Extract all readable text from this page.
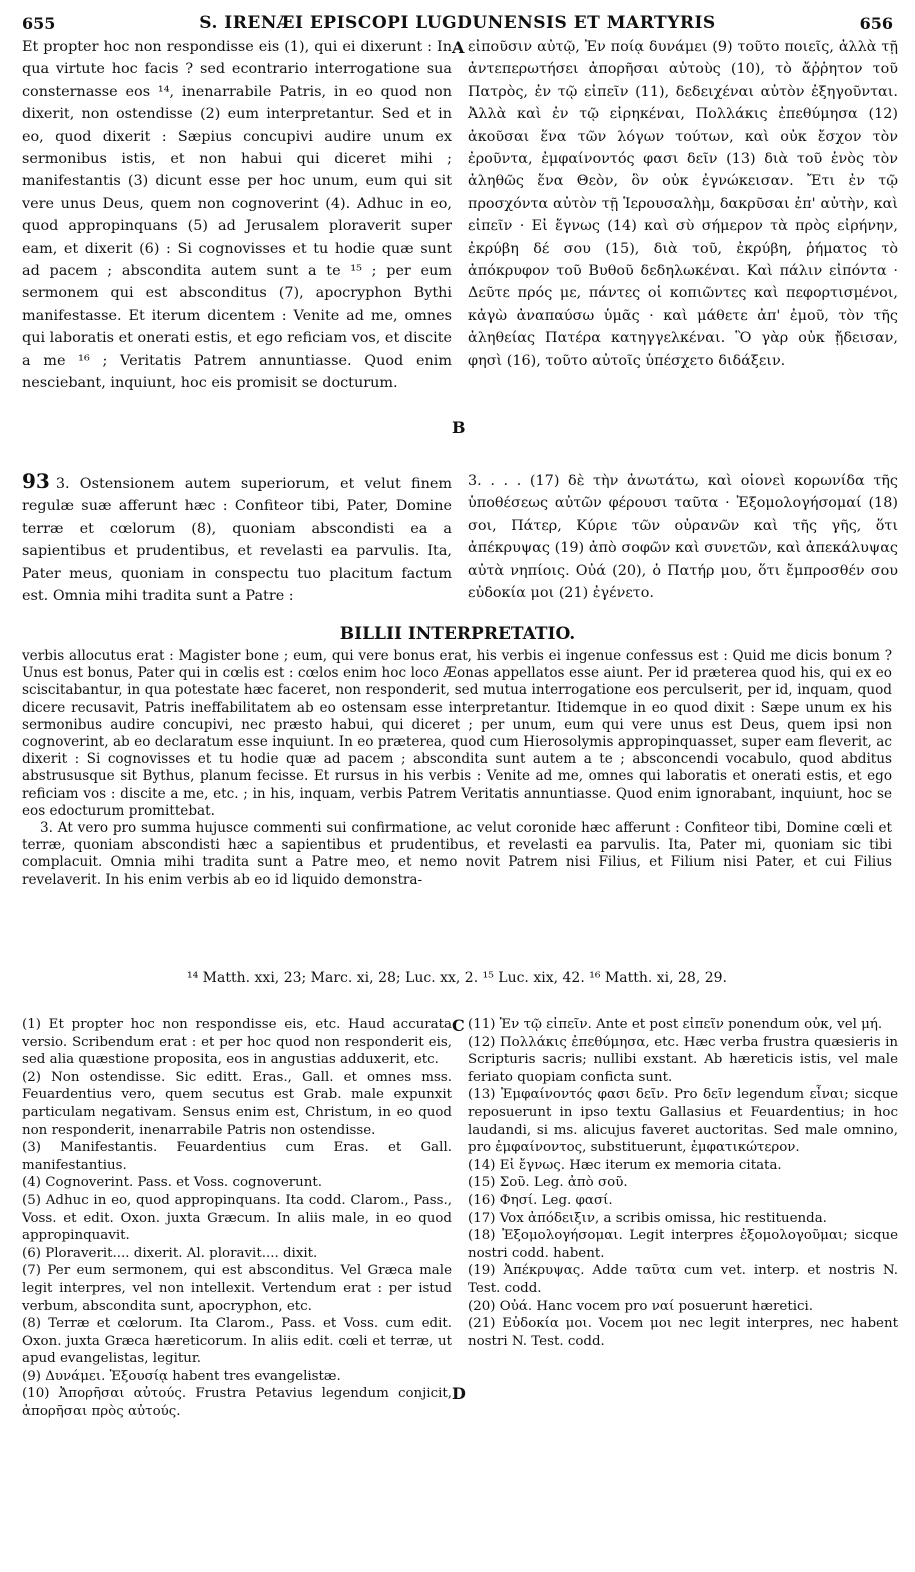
655	S. IRENÆI EPISCOPI LUGDUNENSIS ET MARTYRIS	656

Et propter hoc non respondisse eis (1), qui ei dixerunt : In qua virtute hoc facis ? sed econtrario interrogatione sua consternasse eos ¹⁴, inenarrabile Patris, in eo quod non dixerit, non ostendisse (2) eum interpretantur. Sed et in eo, quod dixerit : Sæpius concupivi audire unum ex sermonibus istis, et non habui qui diceret mihi ; manifestantis (3) dicunt esse per hoc unum, eum qui sit vere unus Deus, quem non cognoverint (4). Adhuc in eo, quod appropinquans (5) ad Jerusalem ploraverit super eam, et dixerit (6) : Si cognovisses et tu hodie quæ sunt ad pacem ; abscondita autem sunt a te ¹⁵ ; per eum sermonem qui est absconditus (7), apocryphon Bythi manifestasse. Et iterum dicentem : Venite ad me, omnes qui laboratis et onerati estis, et ego reficiam vos, et discite a me ¹⁶ ; Veritatis Patrem annuntiasse. Quod enim nesciebant, inquiunt, hoc eis promisit se docturum.

A εἰποῦσιν αὐτῷ, Ἐν ποίᾳ δυνάμει (9) τοῦτο ποιεῖς, ἀλλὰ τῇ ἀντεπερωτήσει ἀπορῆσαι αὐτοὺς (10), τὸ ἄῤῥητον τοῦ Πατρὸς, ἐν τῷ εἰπεῖν (11), δεδειχέναι αὐτὸν ἐξηγοῦνται. Ἀλλὰ καὶ ἐν τῷ εἰρηκέναι, Πολλάκις ἐπεθύμησα (12) ἀκοῦσαι ἕνα τῶν λόγων τούτων, καὶ οὐκ ἔσχον τὸν ἐροῦντα, ἐμφαίνοντός φασι δεῖν (13) διὰ τοῦ ἑνὸς τὸν ἀληθῶς ἕνα Θεὸν, ὃν οὐκ ἐγνώκεισαν. Ἔτι ἐν τῷ προσχόντα αὐτὸν τῇ Ἱερουσαλὴμ, δακρῦσαι ἐπ' αὐτὴν, καὶ εἰπεῖν · Εἰ ἔγνως (14) καὶ σὺ σήμερον τὰ πρὸς εἰρήνην, ἐκρύβη δέ σου (15), διὰ τοῦ, ἐκρύβη, ῥήματος τὸ ἀπόκρυφον τοῦ Βυθοῦ δεδηλωκέναι. Καὶ πάλιν εἰπόντα · Δεῦτε πρός με, πάντες οἱ κοπιῶντες καὶ πεφορτισμένοι, κἀγὼ ἀναπαύσω ὑμᾶς · καὶ μάθετε ἀπ' ἐμοῦ, τὸν τῆς ἀληθείας Πατέρα κατηγγελκέναι. Ὃ γὰρ οὐκ ᾔδεισαν, φησὶ (16), τοῦτο αὐτοῖς ὑπέσχετο διδάξειν.

B

93 3. Ostensionem autem superiorum, et velut finem regulæ suæ afferunt hæc : Confiteor tibi, Pater, Domine terræ et cœlorum (8), quoniam abscondisti ea a sapientibus et prudentibus, et revelasti ea parvulis. Ita, Pater meus, quoniam in conspectu tuo placitum factum est. Omnia mihi tradita sunt a Patre :

3. . . . (17) δὲ τὴν ἀνωτάτω, καὶ οἱονεὶ κορωνίδα τῆς ὑποθέσεως αὐτῶν φέρουσι ταῦτα · Ἐξομολογήσομαί (18) σοι, Πάτερ, Κύριε τῶν οὐρανῶν καὶ τῆς γῆς, ὅτι ἀπέκρυψας (19) ἀπὸ σοφῶν καὶ συνετῶν, καὶ ἀπεκάλυψας αὐτὰ νηπίοις. Οὐά (20), ὁ Πατήρ μου, ὅτι ἔμπροσθέν σου εὐδοκία μοι (21) ἐγένετο.

BILLII INTERPRETATIO.

verbis allocutus erat : Magister bone ; eum, qui vere bonus erat, his verbis ei ingenue confessus est : Quid me dicis bonum ? Unus est bonus, Pater qui in cœlis est : cœlos enim hoc loco Æonas appellatos esse aiunt. Per id præterea quod his, qui ex eo sciscitabantur, in qua potestate hæc faceret, non responderit, sed mutua interrogatione eos perculserit, per id, inquam, quod dicere recusavit, Patris ineffabilitatem ab eo ostensam esse interpretantur. Itidemque in eo quod dixit : Sæpe unum ex his sermonibus audire concupivi, nec præsto habui, qui diceret ; per unum, eum qui vere unus est Deus, quem ipsi non cognoverint, ab eo declaratum esse inquiunt. In eo præterea, quod cum Hierosolymis appropinquasset, super eam fleverit, ac dixerit : Si cognovisses et tu hodie quæ ad pacem ; abscondita sunt autem a te ; absconcendi vocabulo, quod abditus abstrususque sit Bythus, planum fecisse. Et rursus in his verbis : Venite ad me, omnes qui laboratis et onerati estis, et ego reficiam vos : discite a me, etc. ; in his, inquam, verbis Patrem Veritatis annuntiasse. Quod enim ignorabant, inquiunt, hoc se eos edocturum promittebat.

3. At vero pro summa hujusce commenti sui confirmatione, ac velut coronide hæc afferunt : Confiteor tibi, Domine cœli et terræ, quoniam abscondisti hæc a sapientibus et prudentibus, et revelasti ea parvulis. Ita, Pater mi, quoniam sic tibi complacuit. Omnia mihi tradita sunt a Patre meo, et nemo novit Patrem nisi Filius, et Filium nisi Pater, et cui Filius revelaverit. In his enim verbis ab eo id liquido demonstra-

¹⁴ Matth. xxi, 23; Marc. xi, 28; Luc. xx, 2. ¹⁵ Luc. xix, 42. ¹⁶ Matth. xi, 28, 29.
C
D

(1) Et propter hoc non respondisse eis, etc. Haud accurata versio. Scribendum erat : et per hoc quod non responderit eis, sed alia quæstione proposita, eos in angustias adduxerit, etc.

(2) Non ostendisse. Sic editt. Eras., Gall. et omnes mss. Feuardentius vero, quem secutus est Grab. male expunxit particulam negativam. Sensus enim est, Christum, in eo quod non responderit, inenarrabile Patris non ostendisse.

(3) Manifestantis. Feuardentius cum Eras. et Gall. manifestantius.

(4) Cognoverint. Pass. et Voss. cognoverunt.

(5) Adhuc in eo, quod appropinquans. Ita codd. Clarom., Pass., Voss. et edit. Oxon. juxta Græcum. In aliis male, in eo quod appropinquavit.

(6) Ploraverit.... dixerit. Al. ploravit.... dixit.

(7) Per eum sermonem, qui est absconditus. Vel Græca male legit interpres, vel non intellexit. Vertendum erat : per istud verbum, abscondita sunt, apocryphon, etc.

(8) Terræ et cœlorum. Ita Clarom., Pass. et Voss. cum edit. Oxon. juxta Græca hæreticorum. In aliis edit. cœli et terræ, ut apud evangelistas, legitur.

(9) Δυνάμει. Ἐξουσίᾳ habent tres evangelistæ.

(10) Ἀπορῆσαι αὐτούς. Frustra Petavius legendum conjicit, ἀπορῆσαι πρὸς αὐτούς.

(11) Ἐν τῷ εἰπεῖν. Ante et post εἰπεῖν ponendum οὐκ, vel μή.

(12) Πολλάκις ἐπεθύμησα, etc. Hæc verba frustra quæsieris in Scripturis sacris; nullibi exstant. Ab hæreticis istis, vel male feriato quopiam conficta sunt.

(13) Ἐμφαίνοντός φασι δεῖν. Pro δεῖν legendum εἶναι; sicque reposuerunt in ipso textu Gallasius et Feuardentius; in hoc laudandi, si ms. alicujus faveret auctoritas. Sed male omnino, pro ἐμφαίνοντος, substituerunt, ἐμφατικώτερον.

(14) Εἰ ἔγνως. Hæc iterum ex memoria citata.

(15) Σοῦ. Leg. ἀπὸ σοῦ.

(16) Φησί. Leg. φασί.

(17) Vox ἀπόδειξιν, a scribis omissa, hic restituenda.

(18) Ἐξομολογήσομαι. Legit interpres ἐξομολογοῦμαι; sicque nostri codd. habent.

(19) Ἀπέκρυψας. Adde ταῦτα cum vet. interp. et nostris N. Test. codd.

(20) Οὐά. Hanc vocem pro ναί posuerunt hæretici.

(21) Εὐδοκία μοι. Vocem μοι nec legit interpres, nec habent nostri N. Test. codd.
